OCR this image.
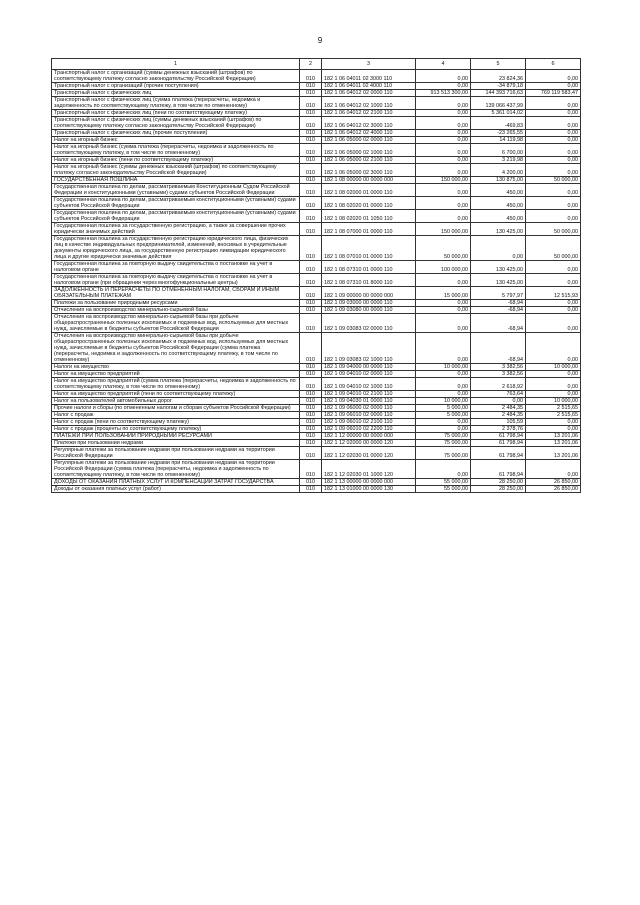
9
1	2	3	4	5	6
Транспортный налог с организаций (суммы денежных взысканий (штрафов) по соответствующему платежу согласно законодательству Российской Федерации)	010	182 1 06 04011 02 3000 110	0,00	23 824,36	0,00
Транспортный налог с организаций (прочие поступления)	010	182 1 06 04011 02 4000 110	0,00	-34 879,18	0,00
Транспортный налог с физических лиц	010	182 1 06 04012 02 0000 110	913 513 300,00	144 393 716,63	769 119 583,47
Транспортный налог с физических лиц (сумма платежа (перерасчеты, недоимка и задолженность по соответствующему платежу, в том числе по отмененному)	010	182 1 06 04012 02 1000 110	0,00	139 066 437,99	0,00
Транспортный налог с физических лиц (пени по соответствующему платежу)	010	182 1 06 04012 02 2100 110	0,00	5 361 014,02	0,00
Транспортный налог с физических лиц (суммы денежных взысканий (штрафов) по соответствующему платежу согласно законодательству Российской Федерации)	010	182 1 06 04012 02 3000 110	0,00	-469,83	0,00
Транспортный налог с физических лиц (прочие поступления)	010	182 1 06 04012 02 4000 110	0,00	-23 265,55	0,00
Налог на игорный бизнес	010	182 1 06 05000 02 0000 110	0,00	14 119,98	0,00
Налог на игорный бизнес (сумма платежа (перерасчеты, недоимка и задолженность по соответствующему платежу, в том числе по отмененному)	010	182 1 06 05000 02 1000 110	0,00	6 700,00	0,00
Налог на игорный бизнес (пени по соответствующему платежу)	010	182 1 06 05000 02 2100 110	0,00	3 219,98	0,00
Налог на игорный бизнес (суммы денежных взысканий (штрафов) по соответствующему платежу согласно законодательству Российской Федерации)	010	182 1 06 05000 02 3000 110	0,00	4 200,00	0,00
ГОСУДАРСТВЕННАЯ ПОШЛИНА	010	182 1 08 00000 00 0000 000	150 000,00	130 875,00	50 000,00
Государственная пошлина по делам, рассматриваемым Конституционным Судом Российской Федерации и конституционными (уставными) судами субъектов Российской Федерации	010	182 1 08 02000 01 0000 110	0,00	450,00	0,00
Государственная пошлина по делам, рассматриваемым конституционными (уставными) судами субъектов Российской Федерации	010	182 1 08 02020 01 0000 110	0,00	450,00	0,00
Государственная пошлина по делам, рассматриваемым конституционными (уставными) судами субъектов Российской Федерации	010	182 1 08 02020 01 1050 110	0,00	450,00	0,00
Государственная пошлина за государственную регистрацию, а также за совершение прочих юридически значимых действий	010	182 1 08 07000 01 0000 110	150 000,00	130 425,00	50 000,00
Государственная пошлина за государственную регистрацию юридического лица, физических лиц в качестве индивидуальных предпринимателей, изменений, вносимых в учредительные документы юридического лица, за государственную регистрацию ликвидации юридического лица и другие юридически значимые действия	010	182 1 08 07010 01 0000 110	50 000,00	0,00	50 000,00
Государственная пошлина за повторную выдачу свидетельства о постановке на учет в налоговом органе	010	182 1 08 07310 01 0000 110	100 000,00	130 425,00	0,00
Государственная пошлина за повторную выдачу свидетельства о постановке на учет в налоговом органе (при обращении через многофункциональные центры)	010	182 1 08 07310 01 8000 110	0,00	130 425,00	0,00
ЗАДОЛЖЕННОСТЬ И ПЕРЕРАСЧЕТЫ ПО ОТМЕНЕННЫМ НАЛОГАМ, СБОРАМ И ИНЫМ ОБЯЗАТЕЛЬНЫМ ПЛАТЕЖАМ	010	182 1 09 00000 00 0000 000	15 000,00	5 797,97	12 515,93
Платежи за пользование природными ресурсами	010	182 1 09 03000 00 0000 110	0,00	-68,94	0,00
Отчисления на воспроизводство минерально-сырьевой базы	010	182 1 09 03080 00 0000 110	0,00	-68,94	0,00
Отчисления на воспроизводство минерально-сырьевой базы при добыче общераспространенных полезных ископаемых и подземных вод, используемых для местных нужд, зачисляемые в бюджеты субъектов Российской Федерации	010	182 1 09 03083 02 0000 110	0,00	-68,94	0,00
Отчисления на воспроизводство минерально-сырьевой базы при добыче общераспространенных полезных ископаемых и подземных вод, используемых для местных нужд, зачисляемые в бюджеты субъектов Российской Федерации (сумма платежа (перерасчеты, недоимка и задолженность по соответствующему платежу, в том числе по отмененному)	010	182 1 09 03083 02 1000 110	0,00	-68,94	0,00
Налоги на имущество	010	182 1 09 04000 00 0000 110	10 000,00	3 382,56	10 000,00
Налог на имущество предприятий	010	182 1 09 04010 02 0000 110	0,00	3 382,56	0,00
Налог на имущество предприятий (сумма платежа (перерасчеты, недоимка и задолженность по соответствующему платежу, в том числе по отмененному)	010	182 1 09 04010 02 1000 110	0,00	2 618,92	0,00
Налог на имущество предприятий (пени по соответствующему платежу)	010	182 1 09 04010 02 2100 110	0,00	763,64	0,00
Налог на пользователей автомобильных дорог	010	182 1 09 04030 01 0000 110	10 000,00	0,00	10 000,00
Прочие налоги и сборы (по отмененным налогам и сборам субъектов Российской Федерации)	010	182 1 09 06000 02 0000 110	5 000,00	2 484,35	2 515,65
Налог с продаж	010	182 1 09 06010 02 0000 110	5 000,00	2 484,35	2 515,65
Налог с продаж (пени по соответствующему платежу)	010	182 1 09 06010 02 2100 110	0,00	105,59	0,00
Налог с продаж (проценты по соответствующему платежу)	010	182 1 09 06010 02 2200 110	0,00	2 378,76	0,00
ПЛАТЕЖИ ПРИ ПОЛЬЗОВАНИИ ПРИРОДНЫМИ РЕСУРСАМИ	010	182 1 12 00000 00 0000 000	75 000,00	61 798,94	13 201,06
Платежи при пользовании недрами	010	182 1 12 02000 00 0000 120	75 000,00	61 798,94	13 201,06
Регулярные платежи за пользование недрами при пользовании недрами на территории Российской Федерации	010	182 1 12 02030 01 0000 120	75 000,00	61 798,94	13 201,06
Регулярные платежи за пользование недрами при пользовании недрами на территории Российской Федерации (сумма платежа (перерасчеты, недоимка и задолженность по соответствующему платежу, в том числе по отмененному)	010	182 1 12 02030 01 1000 120	0,00	61 798,94	0,00
ДОХОДЫ ОТ ОКАЗАНИЯ ПЛАТНЫХ УСЛУГ И КОМПЕНСАЦИИ ЗАТРАТ ГОСУДАРСТВА	010	182 1 13 00000 00 0000 000	55 000,00	28 250,00	26 850,00
Доходы от оказания платных услуг (работ)	010	182 1 13 01000 00 0000 130	55 000,00	28 250,00	26 850,00
